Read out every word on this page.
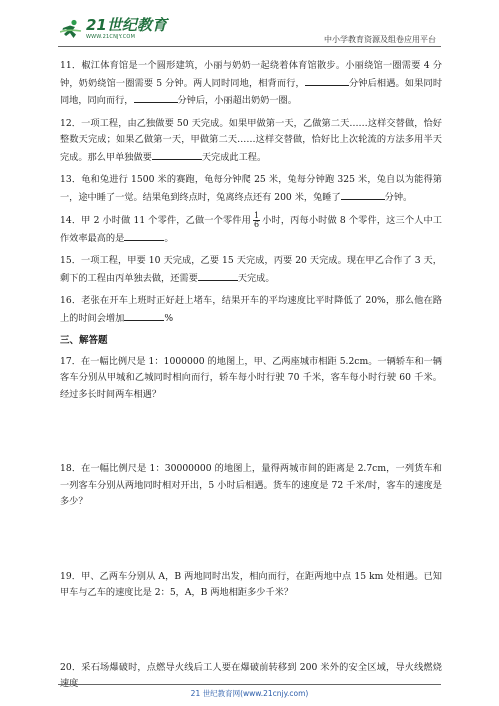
21世纪教育
WWW.21CNJY.COM	中小学教育资源及组卷应用平台

11．椒江体育馆是一个圆形建筑，小丽与奶奶一起绕着体育馆散步。小丽绕馆一圈需要 4 分钟，奶奶绕馆一圈需要 5 分钟。两人同时同地，相背而行，	分钟后相遇。如果同时同地，同向而行，	分钟后，小丽超出奶奶一圈。

12．一项工程，由乙独做要 50 天完成。如果甲做第一天，乙做第二天……这样交替做，恰好整数天完成；如果乙做第一天，甲做第二天……这样交替做，恰好比上次轮流的方法多用半天完成。那么甲单独做要	天完成此工程。

13．龟和兔进行 1500 米的赛跑，龟每分钟爬 25 米，兔每分钟跑 325 米，兔自以为能得第一，途中睡了一觉。结果龟到终点时，兔离终点还有 200 米，兔睡了	分钟。

14．甲 2 小时做 11 个零件，乙做一个零件用 $\frac{1}{6}$ 小时，丙每小时做 8 个零件，这三个人中工作效率最高的是	。

15．一项工程，甲要 10 天完成，乙要 15 天完成，丙要 20 天完成。现在甲乙合作了 3 天，剩下的工程由丙单独去做，还需要	天完成。

16．老张在开车上班时正好赶上堵车，结果开车的平均速度比平时降低了 20%，那么他在路上的时间会增加	%

三、解答题

17．在一幅比例尺是 1：1000000 的地图上，甲、乙两座城市相距 5.2cm。一辆轿车和一辆客车分别从甲城和乙城同时相向而行，轿车每小时行驶 70 千米，客车每小时行驶 60 千米。经过多长时间两车相遇？

18．在一幅比例尺是 1：30000000 的地图上，量得两城市间的距离是 2.7cm，一列货车和一列客车分别从两地同时相对开出，5 小时后相遇。货车的速度是 72 千米/时，客车的速度是多少？

19．甲、乙两车分别从 A，B 两地同时出发，相向而行，在距两地中点 15 km 处相遇。已知甲车与乙车的速度比是 2：5，A，B 两地相距多少千米？

20．采石场爆破时，点燃导火线后工人要在爆破前转移到 200 米外的安全区域，导火线燃烧速度

21 世纪教育网(www.21cnjy.com)
